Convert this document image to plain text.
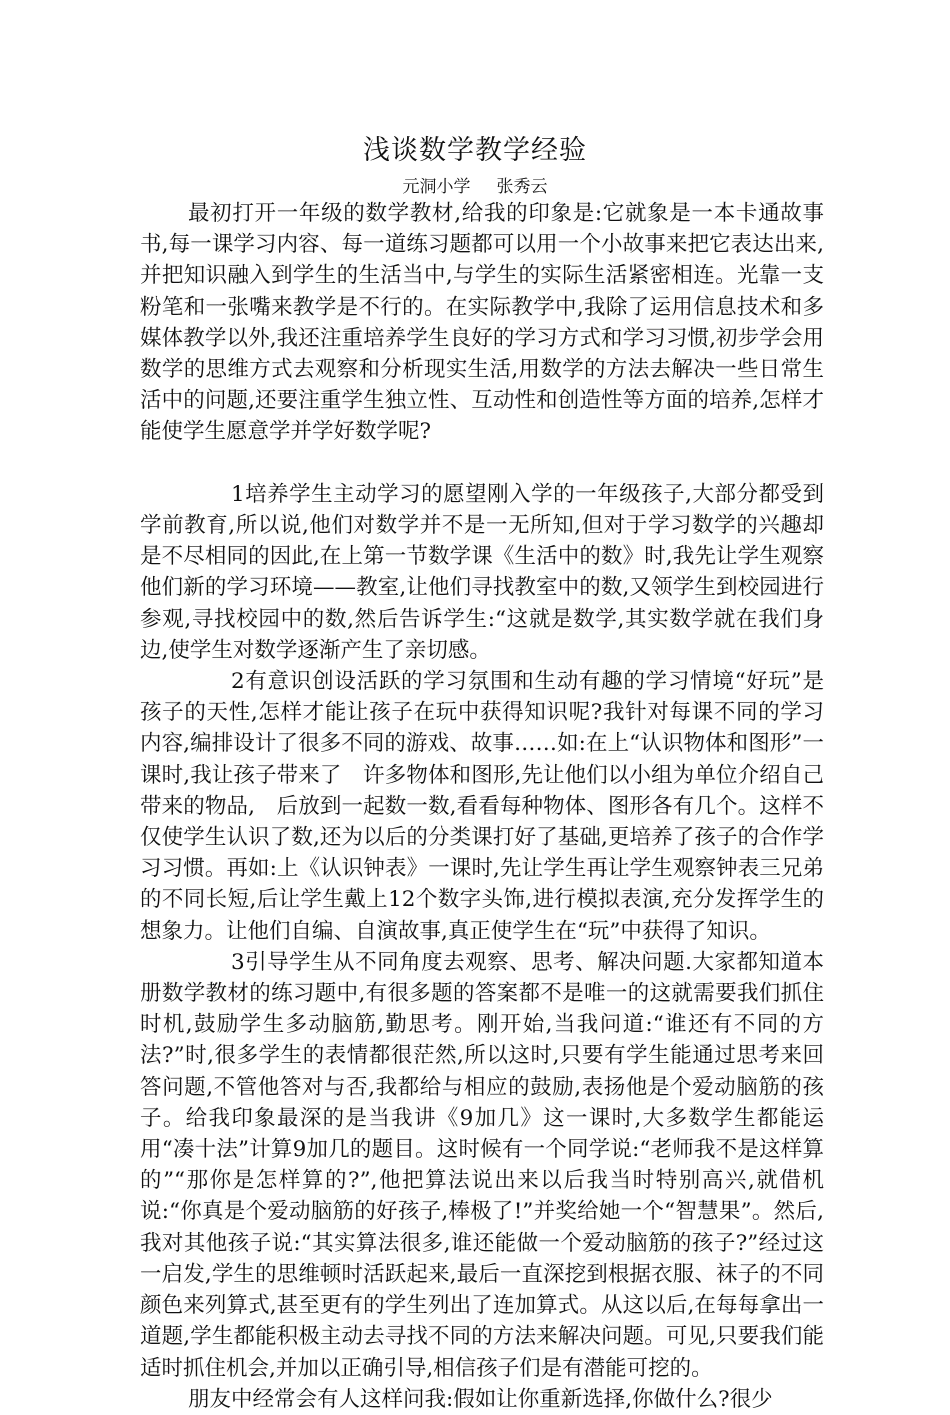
浅谈数学教学经验
元洞小学 张秀云

最初打开一年级的数学教材,给我的印象是:它就象是一本卡通故事书,每一课学习内容、每一道练习题都可以用一个小故事来把它表达出来,并把知识融入到学生的生活当中,与学生的实际生活紧密相连。光靠一支粉笔和一张嘴来教学是不行的。在实际教学中,我除了运用信息技术和多媒体教学以外,我还注重培养学生良好的学习方式和学习习惯,初步学会用数学的思维方式去观察和分析现实生活,用数学的方法去解决一些日常生活中的问题,还要注重学生独立性、互动性和创造性等方面的培养,怎样才能使学生愿意学并学好数学呢?

1培养学生主动学习的愿望刚入学的一年级孩子,大部分都受到学前教育,所以说,他们对数学并不是一无所知,但对于学习数学的兴趣却是不尽相同的因此,在上第一节数学课《生活中的数》时,我先让学生观察他们新的学习环境——教室,让他们寻找教室中的数,又领学生到校园进行参观,寻找校园中的数,然后告诉学生:“这就是数学,其实数学就在我们身边,使学生对数学逐渐产生了亲切感。

2有意识创设活跃的学习氛围和生动有趣的学习情境“好玩”是孩子的天性,怎样才能让孩子在玩中获得知识呢?我针对每课不同的学习内容,编排设计了很多不同的游戏、故事……如:在上“认识物体和图形”一课时,我让孩子带来了　许多物体和图形,先让他们以小组为单位介绍自己带来的物品,　后放到一起数一数,看看每种物体、图形各有几个。这样不仅使学生认识了数,还为以后的分类课打好了基础,更培养了孩子的合作学习习惯。再如:上《认识钟表》一课时,先让学生再让学生观察钟表三兄弟的不同长短,后让学生戴上12个数字头饰,进行模拟表演,充分发挥学生的想象力。让他们自编、自演故事,真正使学生在“玩”中获得了知识。

3引导学生从不同角度去观察、思考、解决问题.大家都知道本册数学教材的练习题中,有很多题的答案都不是唯一的这就需要我们抓住时机,鼓励学生多动脑筋,勤思考。刚开始,当我问道:“谁还有不同的方法?”时,很多学生的表情都很茫然,所以这时,只要有学生能通过思考来回答问题,不管他答对与否,我都给与相应的鼓励,表扬他是个爱动脑筋的孩子。给我印象最深的是当我讲《9加几》这一课时,大多数学生都能运用“凑十法”计算9加几的题目。这时候有一个同学说:“老师我不是这样算的”“那你是怎样算的?”,他把算法说出来以后我当时特别高兴,就借机说:“你真是个爱动脑筋的好孩子,棒极了!”并奖给她一个“智慧果”。然后,我对其他孩子说:“其实算法很多,谁还能做一个爱动脑筋的孩子?”经过这一启发,学生的思维顿时活跃起来,最后一直深挖到根据衣服、袜子的不同颜色来列算式,甚至更有的学生列出了连加算式。从这以后,在每每拿出一道题,学生都能积极主动去寻找不同的方法来解决问题。可见,只要我们能适时抓住机会,并加以正确引导,相信孩子们是有潜能可挖的。

朋友中经常会有人这样问我:假如让你重新选择,你做什么?很少
